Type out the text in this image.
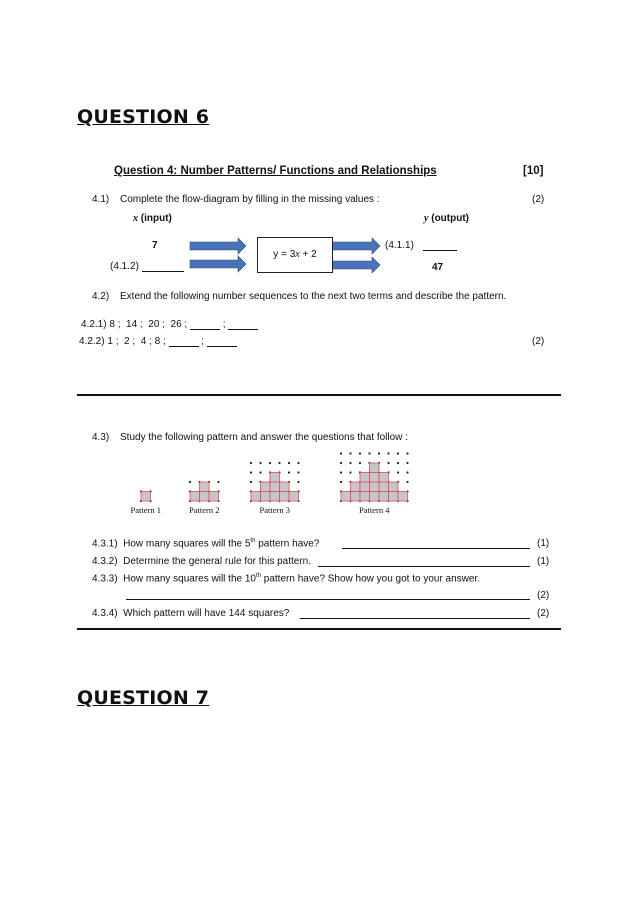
QUESTION 6
Question 4: Number Patterns/ Functions and Relationships	[10]
4.1) Complete the flow-diagram by filling in the missing values :	(2)
x (input)	y (output)
7
(4.1.2)
y = 3x + 2
(4.1.1)
47
4.2) Extend the following number sequences to the next two terms and describe the pattern.
4.2.1) 8 ;  14 ;  20 ;  26 ;	;
4.2.2) 1 ;  2 ;  4 ; 8 ;	;	(2)
4.3) Study the following pattern and answer the questions that follow :
Pattern 1	Pattern 2	Pattern 3	Pattern 4
4.3.1) How many squares will the 5th pattern have?	(1)
4.3.2) Determine the general rule for this pattern.	(1)
4.3.3) How many squares will the 10th pattern have? Show how you got to your answer.
(2)
4.3.4) Which pattern will have 144 squares?	(2)
QUESTION 7
